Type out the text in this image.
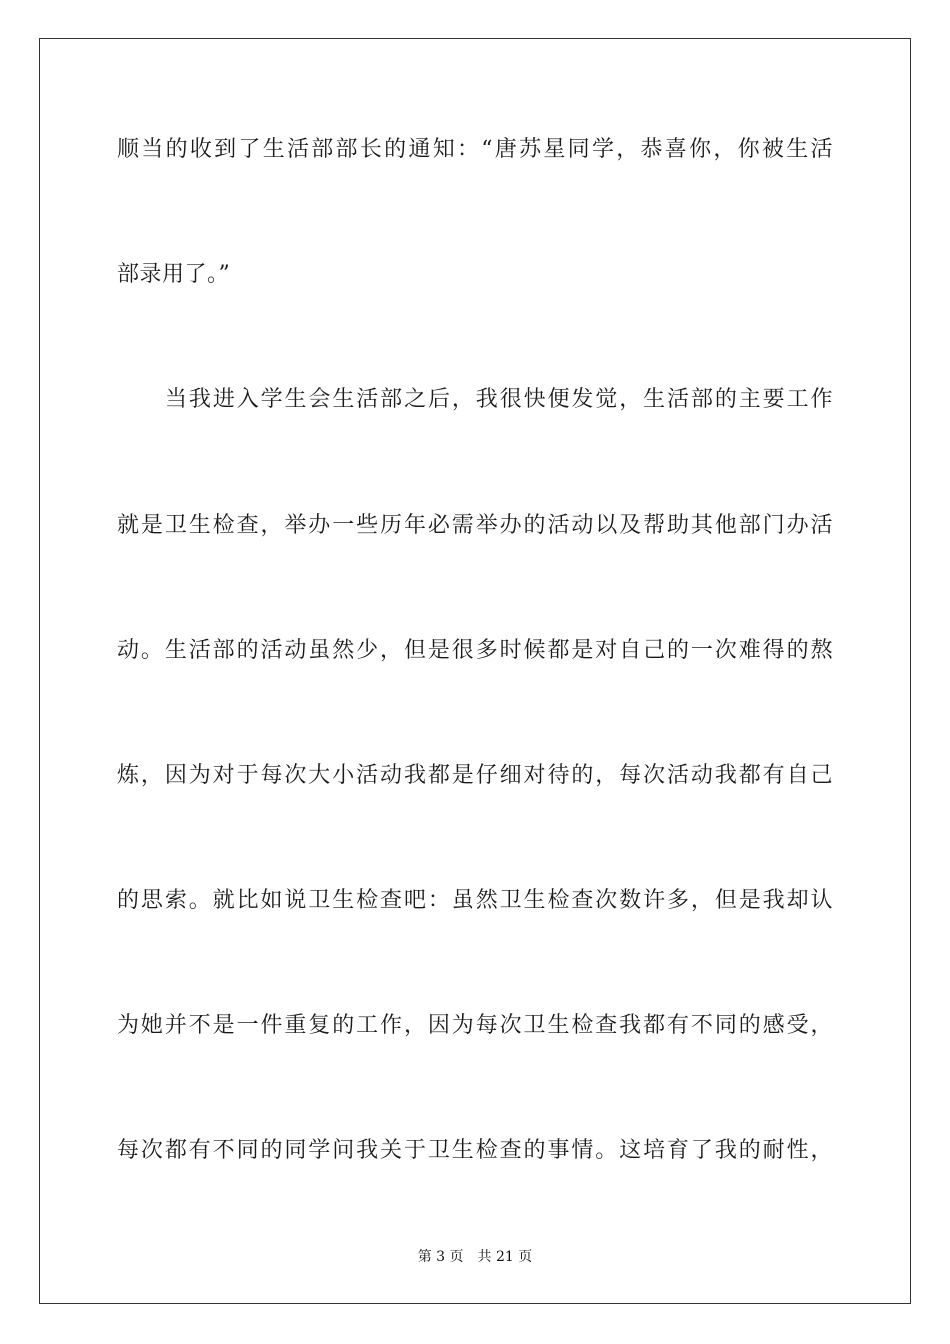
顺当的收到了生活部部长的通知：“唐苏星同学，恭喜你，你被生活
部录用了。”
当我进入学生会生活部之后，我很快便发觉，生活部的主要工作
就是卫生检查，举办一些历年必需举办的活动以及帮助其他部门办活
动。生活部的活动虽然少，但是很多时候都是对自己的一次难得的熬
炼，因为对于每次大小活动我都是仔细对待的，每次活动我都有自己
的思索。就比如说卫生检查吧：虽然卫生检查次数许多，但是我却认
为她并不是一件重复的工作，因为每次卫生检查我都有不同的感受，
每次都有不同的同学问我关于卫生检查的事情。这培育了我的耐性，
第 3 页 共 21 页
